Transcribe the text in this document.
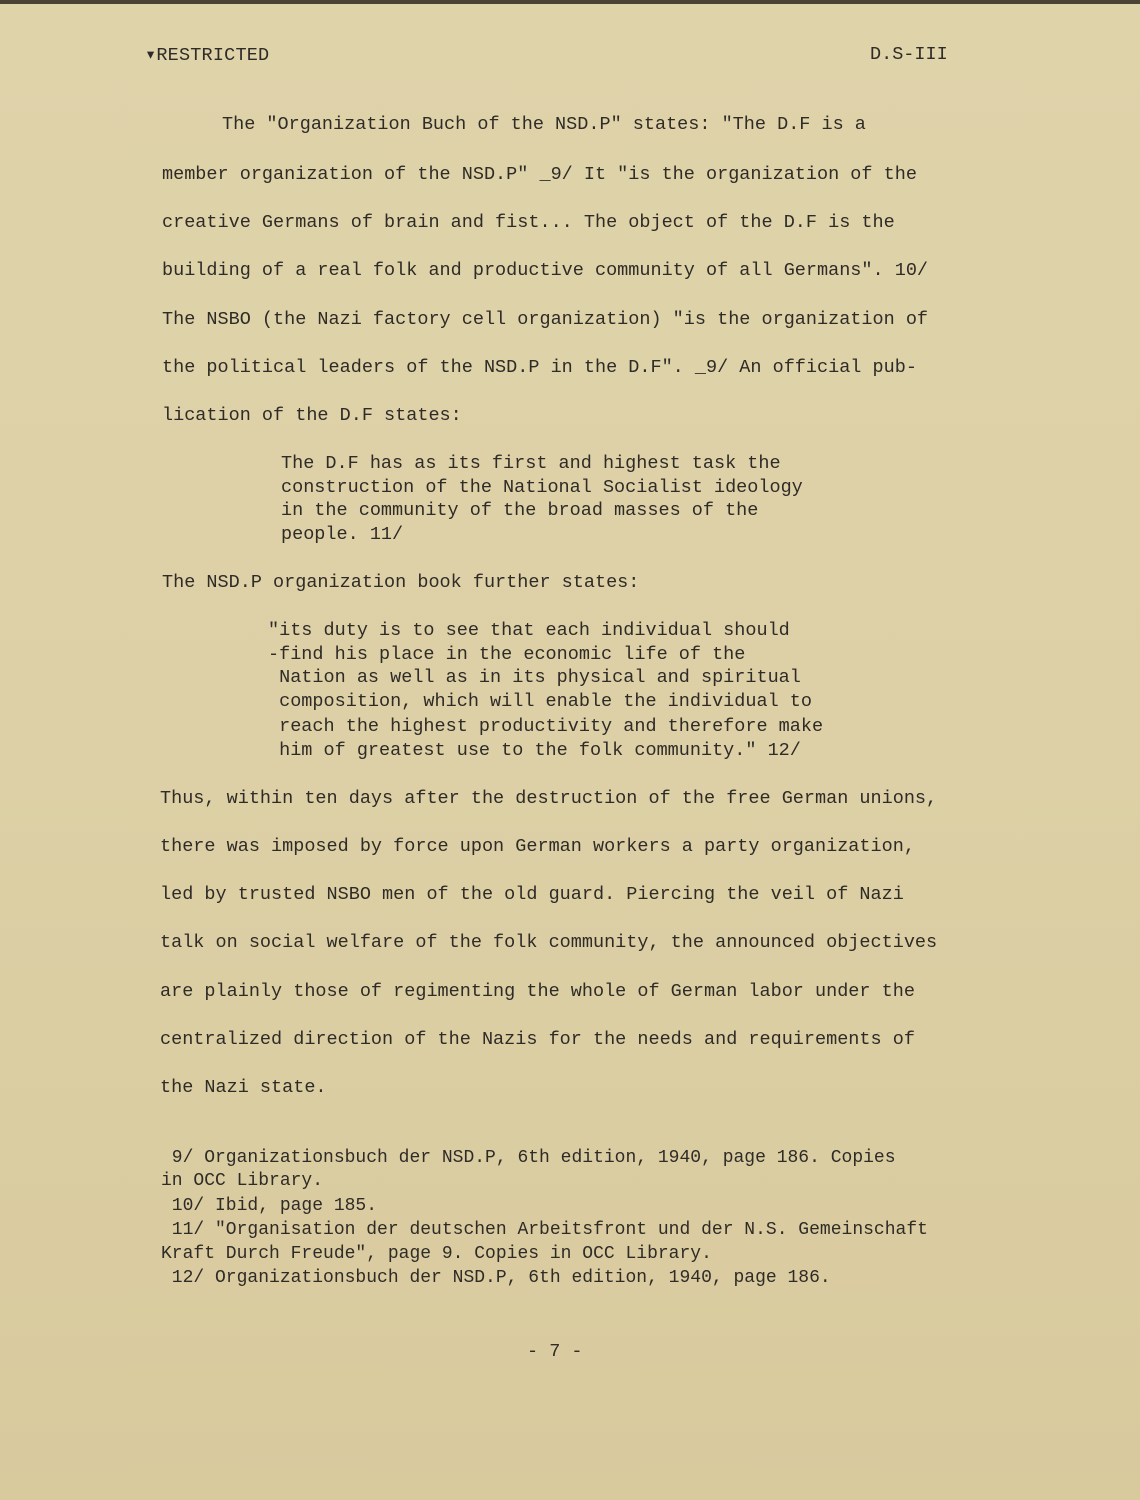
▾RESTRICTED	D.S-III
The "Organization Buch of the NSD.P" states: "The D.F is a
member organization of the NSD.P" _9/ It "is the organization of the
creative Germans of brain and fist... The object of the D.F is the
building of a real folk and productive community of all Germans". 10/
The NSBO (the Nazi factory cell organization) "is the organization of
the political leaders of the NSD.P in the D.F". _9/ An official pub-
lication of the D.F states:
The D.F has as its first and highest task the
construction of the National Socialist ideology
in the community of the broad masses of the
people. 11/
The NSD.P organization book further states:
"its duty is to see that each individual should
-find his place in the economic life of the
Nation as well as in its physical and spiritual
composition, which will enable the individual to
reach the highest productivity and therefore make
him of greatest use to the folk community." 12/
Thus, within ten days after the destruction of the free German unions,
there was imposed by force upon German workers a party organization,
led by trusted NSBO men of the old guard. Piercing the veil of Nazi
talk on social welfare of the folk community, the announced objectives
are plainly those of regimenting the whole of German labor under the
centralized direction of the Nazis for the needs and requirements of
the Nazi state.
9/ Organizationsbuch der NSD.P, 6th edition, 1940, page 186. Copies
in OCC Library.
10/ Ibid, page 185.
11/ "Organisation der deutschen Arbeitsfront und der N.S. Gemeinschaft
Kraft Durch Freude", page 9. Copies in OCC Library.
12/ Organizationsbuch der NSD.P, 6th edition, 1940, page 186.
- 7 -
